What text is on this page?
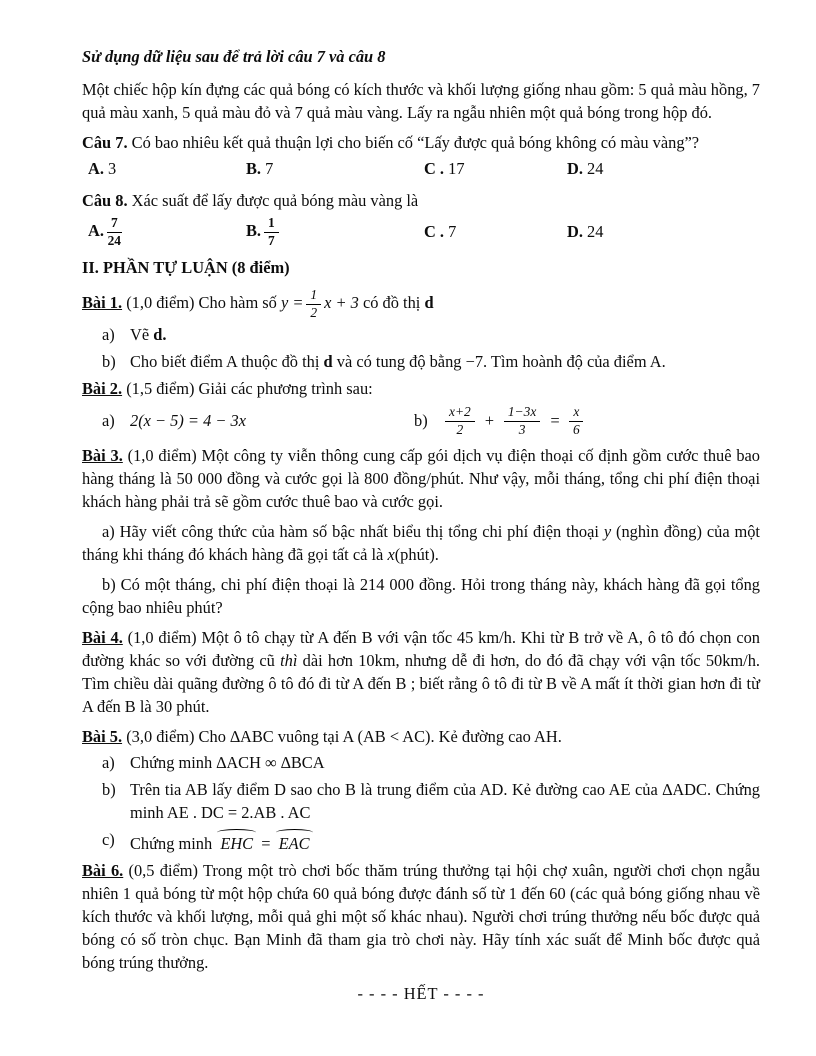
Sử dụng dữ liệu sau để trả lời câu 7 và câu 8

Một chiếc hộp kín đựng các quả bóng có kích thước và khối lượng giống nhau gồm: 5 quả màu hồng, 7 quả màu xanh, 5 quả màu đỏ và 7 quả màu vàng. Lấy ra ngẫu nhiên một quả bóng trong hộp đó.

Câu 7. Có bao nhiêu kết quả thuận lợi cho biến cố “Lấy được quả bóng không có màu vàng”?

A. 3	B. 7	C . 17	D. 24

Câu 8. Xác suất để lấy được quả bóng màu vàng là

A. $\frac{7}{24}$	B. $\frac{1}{7}$	C . 7	D. 24

II. PHẦN TỰ LUẬN (8 điểm)

Bài 1. (1,0 điểm) Cho hàm số $y = \frac{1}{2}$ x + 3 có đồ thị d

a) Vẽ d.
b) Cho biết điểm A thuộc đồ thị d và có tung độ bằng −7. Tìm hoành độ của điểm A.

Bài 2. (1,5 điểm) Giải các phương trình sau:

a) 2(x − 5) = 4 − 3x	b)	$\frac{x+2}{2} + \frac{1-3x}{3} = \frac{x}{6}$

Bài 3. (1,0 điểm) Một công ty viễn thông cung cấp gói dịch vụ điện thoại cố định gồm cước thuê bao hàng tháng là 50 000 đồng và cước gọi là 800 đồng/phút. Như vậy, mỗi tháng, tổng chi phí điện thoại khách hàng phải trả sẽ gồm cước thuê bao và cước gọi.

a) Hãy viết công thức của hàm số bậc nhất biểu thị tổng chi phí điện thoại y (nghìn đồng) của một tháng khi tháng đó khách hàng đã gọi tất cả là x(phút).

b) Có một tháng, chi phí điện thoại là 214 000 đồng. Hỏi trong tháng này, khách hàng đã gọi tổng cộng bao nhiêu phút?

Bài 4. (1,0 điểm) Một ô tô chạy từ A đến B với vận tốc 45 km/h. Khi từ B trở về A, ô tô đó chọn con đường khác so với đường cũ thì dài hơn 10km, nhưng dễ đi hơn, do đó đã chạy với vận tốc 50km/h. Tìm chiều dài quãng đường ô tô đó đi từ A đến B ; biết rằng ô tô đi từ B về A mất ít thời gian hơn đi từ A đến B là 30 phút.

Bài 5. (3,0 điểm) Cho ∆ABC vuông tại A (AB < AC). Kẻ đường cao AH.

a) Chứng minh ∆ACH ∞ ∆BCA
b) Trên tia AB lấy điểm D sao cho B là trung điểm của AD. Kẻ đường cao AE của ∆ADC. Chứng minh AE . DC = 2.AB . AC
c) Chứng minh EHC = EAC

Bài 6. (0,5 điểm) Trong một trò chơi bốc thăm trúng thưởng tại hội chợ xuân, người chơi chọn ngẫu nhiên 1 quả bóng từ một hộp chứa 60 quả bóng được đánh số từ 1 đến 60 (các quả bóng giống nhau về kích thước và khối lượng, mỗi quả ghi một số khác nhau). Người chơi trúng thưởng nếu bốc được quả bóng có số tròn chục. Bạn Minh đã tham gia trò chơi này. Hãy tính xác suất để Minh bốc được quả bóng trúng thưởng.

- - - - HẾT - - - -
